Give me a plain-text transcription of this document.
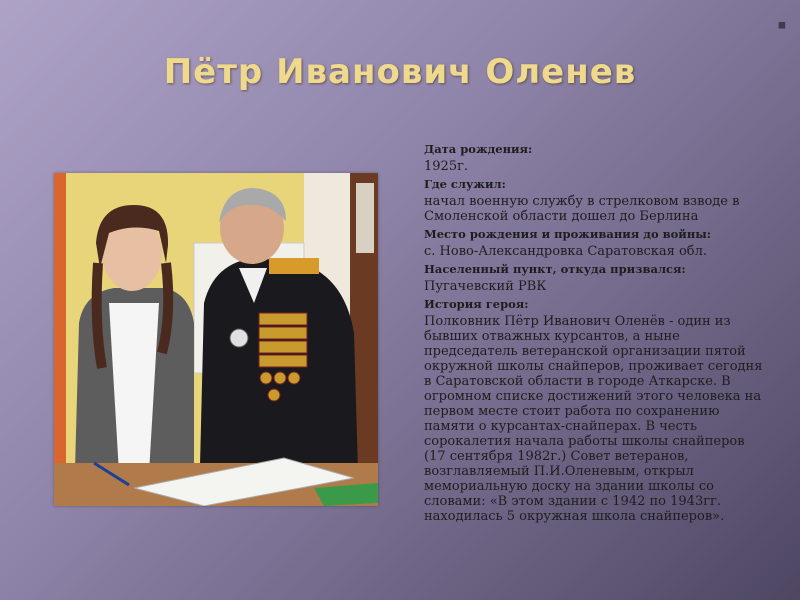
◼
Пётр Иванович Оленев
Дата рождения:
1925г.
Где служил:
начал военную службу в стрелковом взводе в Смоленской области дошел до Берлина
Место рождения и проживания до войны:
с. Ново-Александровка Саратовская обл.
Населенный пункт, откуда призвался:
Пугачевский РВК
История героя:
Полковник Пётр Иванович Оленёв - один из бывших отважных курсантов, а ныне председатель ветеранской организации пятой окружной школы снайперов, проживает сегодня в Саратовской области в городе Аткарске. В огромном списке достижений этого человека на первом месте стоит работа по сохранению памяти о курсантах-снайперах. В честь сорокалетия начала работы школы снайперов (17 сентября 1982г.) Совет ветеранов, возглавляемый П.И.Оленевым, открыл мемориальную доску на здании школы со словами: «В этом здании с 1942 по 1943гг. находилась 5 окружная школа снайперов».
